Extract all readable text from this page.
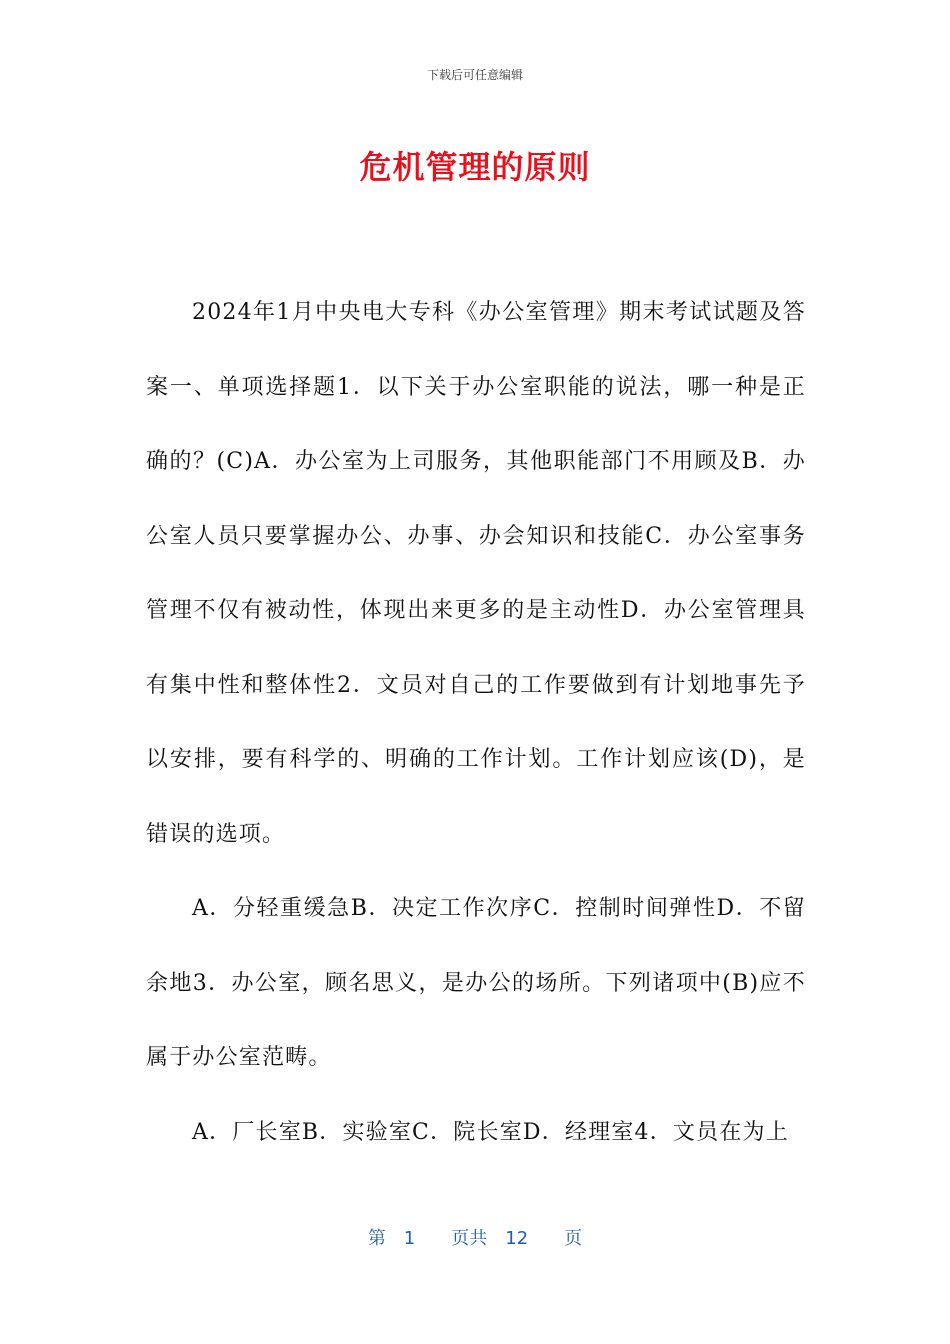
下载后可任意编辑
危机管理的原则

2024年1月中央电大专科《办公室管理》期末考试试题及答案一、单项选择题1．以下关于办公室职能的说法，哪一种是正确的？(C)A．办公室为上司服务，其他职能部门不用顾及B．办公室人员只要掌握办公、办事、办会知识和技能C．办公室事务管理不仅有被动性，体现出来更多的是主动性D．办公室管理具有集中性和整体性2．文员对自己的工作要做到有计划地事先予以安排，要有科学的、明确的工作计划。工作计划应该(D)，是错误的选项。

A．分轻重缓急B．决定工作次序C．控制时间弹性D．不留余地3．办公室，顾名思义，是办公的场所。下列诸项中(B)应不属于办公室范畴。

A．厂长室B．实验室C．院长室D．经理室4．文员在为上

第　1　　页共　12　　页
